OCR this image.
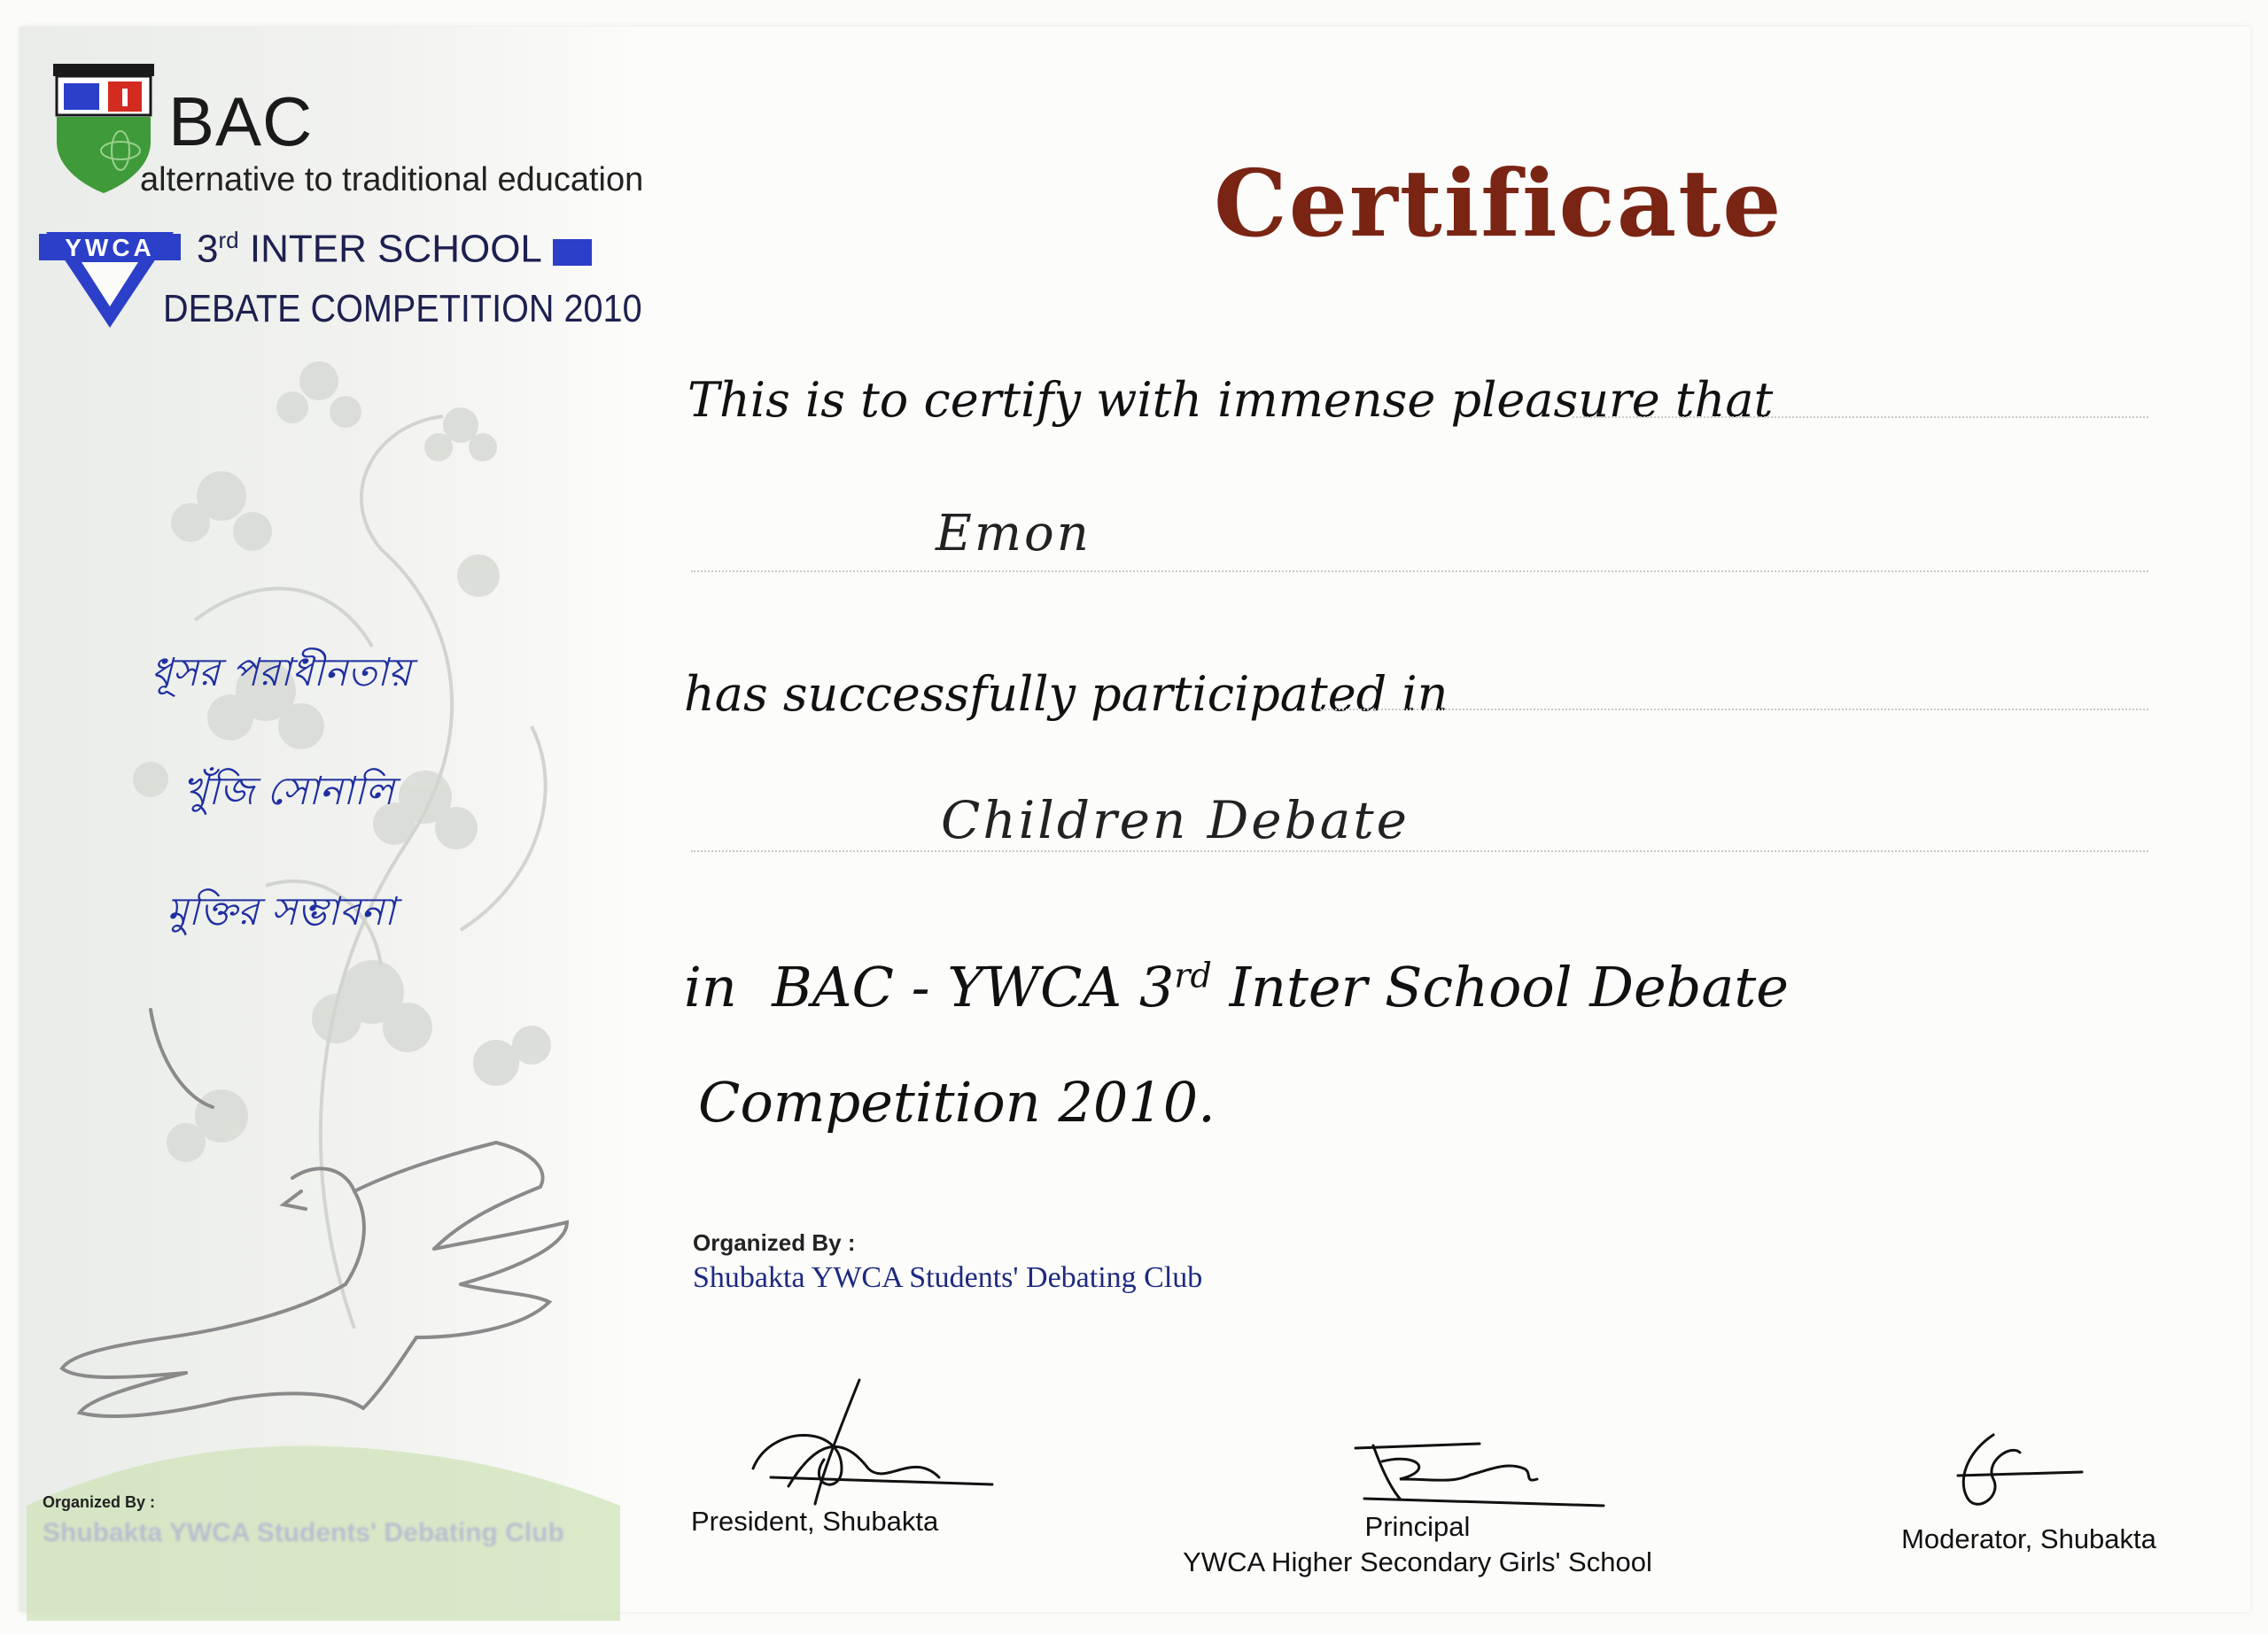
BAC
alternative to traditional education
YWCA 3rd INTER SCHOOL
DEBATE COMPETITION 2010
ধূসর পরাধীনতায়
খুঁজি সোনালি
মুক্তির সম্ভাবনা
Organized By :
Shubakta YWCA Students' Debating Club
Certificate
This is to certify with immense pleasure that
Emon
has successfully participated in
Children Debate
in BAC - YWCA 3rd Inter School Debate
Competition 2010.
Organized By :
Shubakta YWCA Students' Debating Club
President, Shubakta	Principal
YWCA Higher Secondary Girls' School
Moderator, Shubakta
